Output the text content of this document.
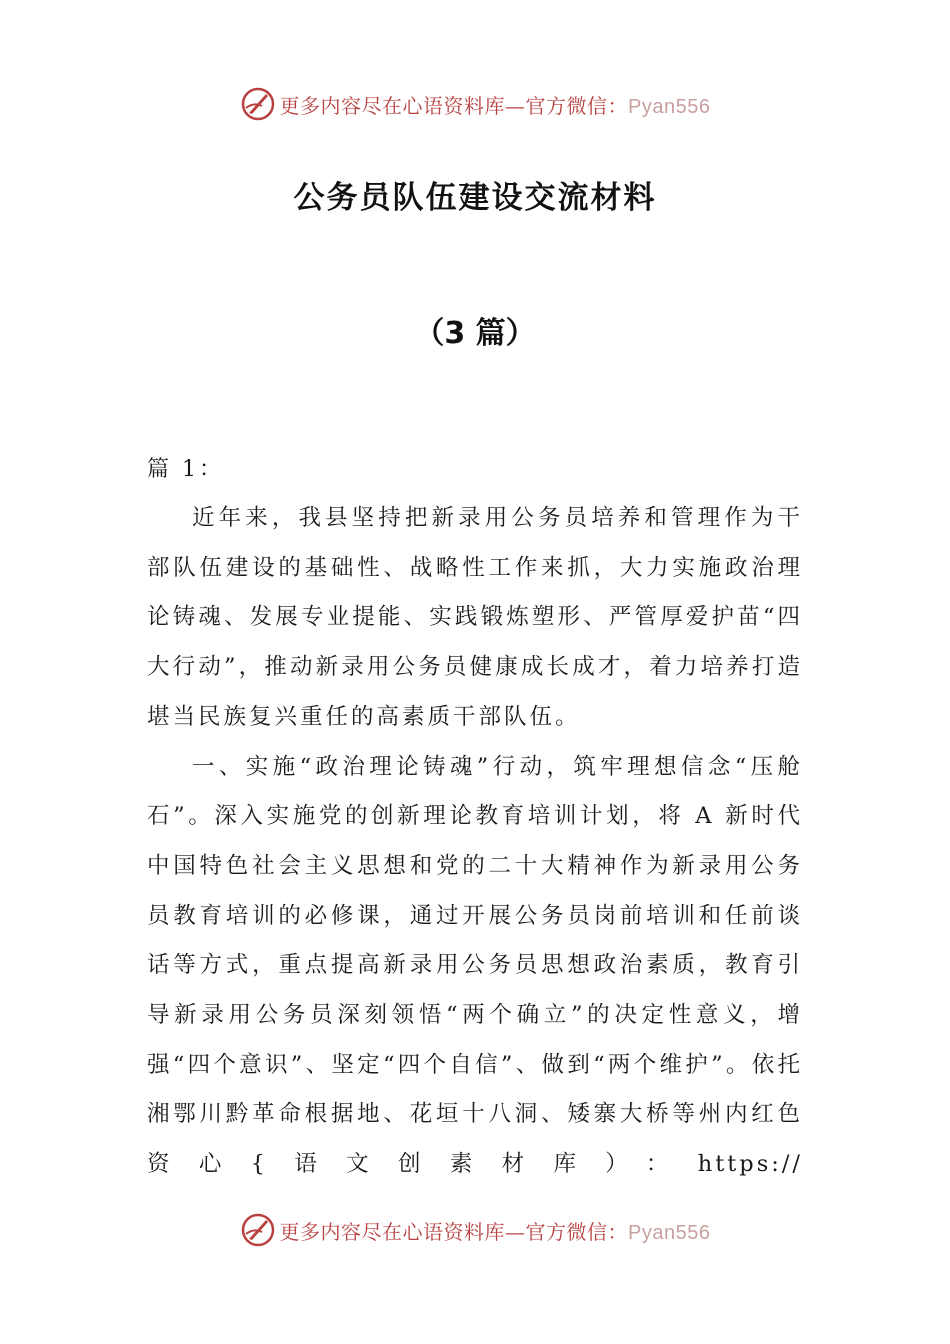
更多内容尽在心语资料库—官方微信：Pyan556
公务员队伍建设交流材料
（3 篇）
篇 1：

近年来，我县坚持把新录用公务员培养和管理作为干部队伍建设的基础性、战略性工作来抓，大力实施政治理论铸魂、发展专业提能、实践锻炼塑形、严管厚爱护苗“四大行动”，推动新录用公务员健康成长成才，着力培养打造堪当民族复兴重任的高素质干部队伍。

一、实施“政治理论铸魂”行动，筑牢理想信念“压舱石”。深入实施党的创新理论教育培训计划，将 A 新时代中国特色社会主义思想和党的二十大精神作为新录用公务员教育培训的必修课，通过开展公务员岗前培训和任前谈话等方式，重点提高新录用公务员思想政治素质，教育引导新录用公务员深刻领悟“两个确立”的决定性意义，增强“四个意识”、坚定“四个自信”、做到“两个维护”。依托湘鄂川黔革命根据地、花垣十八洞、矮寨大桥等州内红色资心{语文创素材库）：https://

更多内容尽在心语资料库—官方微信：Pyan556
